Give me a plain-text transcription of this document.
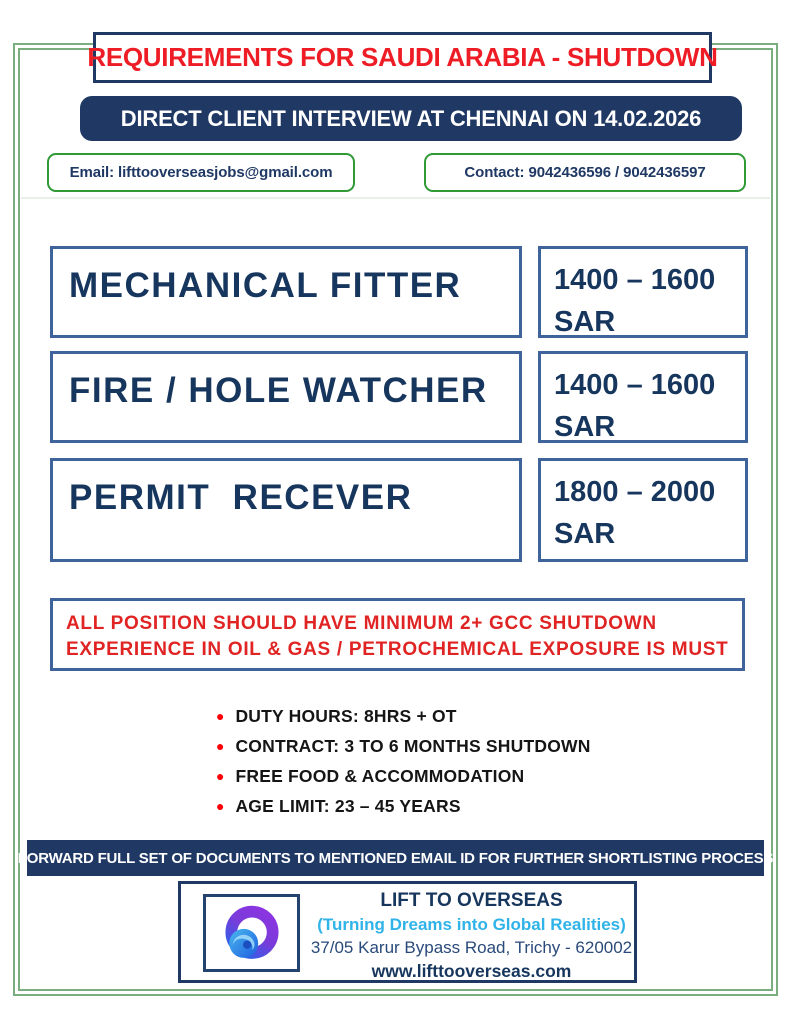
REQUIREMENTS FOR SAUDI ARABIA - SHUTDOWN
DIRECT CLIENT INTERVIEW AT CHENNAI ON 14.02.2026
Email: lifttooverseasjobs@gmail.com	Contact: 9042436596 / 9042436597
MECHANICAL FITTER	1400 – 1600
SAR
FIRE / HOLE WATCHER	1400 – 1600
SAR
PERMIT  RECEVER	1800 – 2000
SAR
ALL POSITION SHOULD HAVE MINIMUM 2+ GCC SHUTDOWN
EXPERIENCE IN OIL & GAS / PETROCHEMICAL EXPOSURE IS MUST
● DUTY HOURS: 8HRS + OT
● CONTRACT: 3 TO 6 MONTHS SHUTDOWN
● FREE FOOD & ACCOMMODATION
● AGE LIMIT: 23 – 45 YEARS
FORWARD FULL SET OF DOCUMENTS TO MENTIONED EMAIL ID FOR FURTHER SHORTLISTING PROCESS
LIFT TO OVERSEAS
(Turning Dreams into Global Realities)
37/05 Karur Bypass Road, Trichy - 620002
www.lifttooverseas.com
